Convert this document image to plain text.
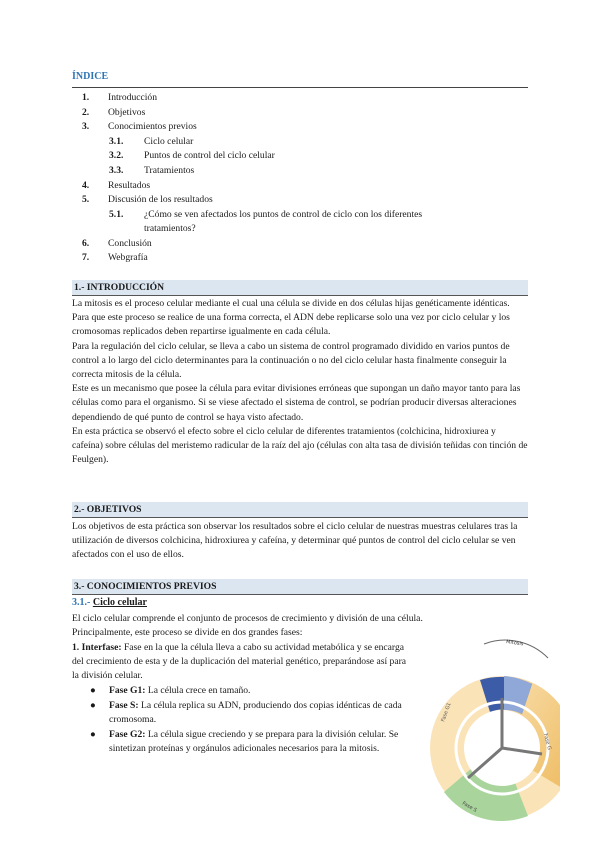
ÍNDICE
1. Introducción
2. Objetivos
3. Conocimientos previos
3.1. Ciclo celular
3.2. Puntos de control del ciclo celular
3.3. Tratamientos
4. Resultados
5. Discusión de los resultados
5.1. ¿Cómo se ven afectados los puntos de control de ciclo con los diferentes tratamientos?
6. Conclusión
7. Webgrafía
1.- INTRODUCCIÓN

La mitosis es el proceso celular mediante el cual una célula se divide en dos células hijas genéticamente idénticas. Para que este proceso se realice de una forma correcta, el ADN debe replicarse solo una vez por ciclo celular y los cromosomas replicados deben repartirse igualmente en cada célula.

Para la regulación del ciclo celular, se lleva a cabo un sistema de control programado dividido en varios puntos de control a lo largo del ciclo determinantes para la continuación o no del ciclo celular hasta finalmente conseguir la correcta mitosis de la célula.

Este es un mecanismo que posee la célula para evitar divisiones erróneas que supongan un daño mayor tanto para las células como para el organismo. Si se viese afectado el sistema de control, se podrían producir diversas alteraciones dependiendo de qué punto de control se haya visto afectado.

En esta práctica se observó el efecto sobre el ciclo celular de diferentes tratamientos (colchicina, hidroxiurea y cafeína) sobre células del meristemo radicular de la raíz del ajo (células con alta tasa de división teñidas con tinción de Feulgen).

2.- OBJETIVOS

Los objetivos de esta práctica son observar los resultados sobre el ciclo celular de nuestras muestras celulares tras la utilización de diversos colchicina, hidroxiurea y cafeína, y determinar qué puntos de control del ciclo celular se ven afectados con el uso de ellos.

3.- CONOCIMIENTOS PREVIOS
3.1.- Ciclo celular

El ciclo celular comprende el conjunto de procesos de crecimiento y división de una célula.

Principalmente, este proceso se divide en dos grandes fases:

1. Interfase: Fase en la que la célula lleva a cabo su actividad metabólica y se encarga del crecimiento de esta y de la duplicación del material genético, preparándose así para la división celular.
● Fase G1: La célula crece en tamaño.
● Fase S: La célula replica su ADN, produciendo dos copias idénticas de cada cromosoma.
● Fase G2: La célula sigue creciendo y se prepara para la división celular. Se sintetizan proteínas y orgánulos adicionales necesarios para la mitosis.
Mitosis
Fase G1
Fase G
Fase S
